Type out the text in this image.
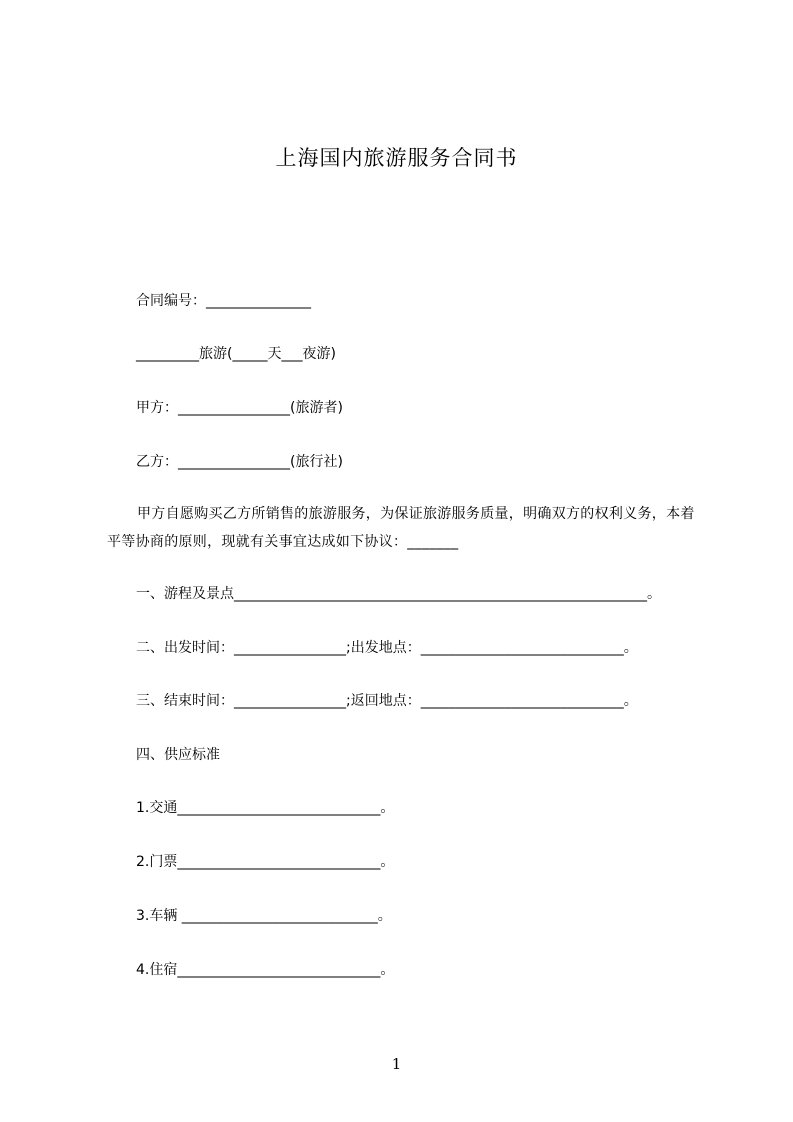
上海国内旅游服务合同书
合同编号：_______________
_________旅游(_____天___夜游)
甲方：________________(旅游者)
乙方：________________(旅行社)
甲方自愿购买乙方所销售的旅游服务，为保证旅游服务质量，明确双方的权利义务，本着平等协商的原则，现就有关事宜达成如下协议：_______
一、游程及景点___________________________________________________________。
二、出发时间：________________;出发地点：_____________________________。
三、结束时间：________________;返回地点：_____________________________。
四、供应标准
1.交通_____________________________。
2.门票_____________________________。
3.车辆 ____________________________。
4.住宿_____________________________。
1
